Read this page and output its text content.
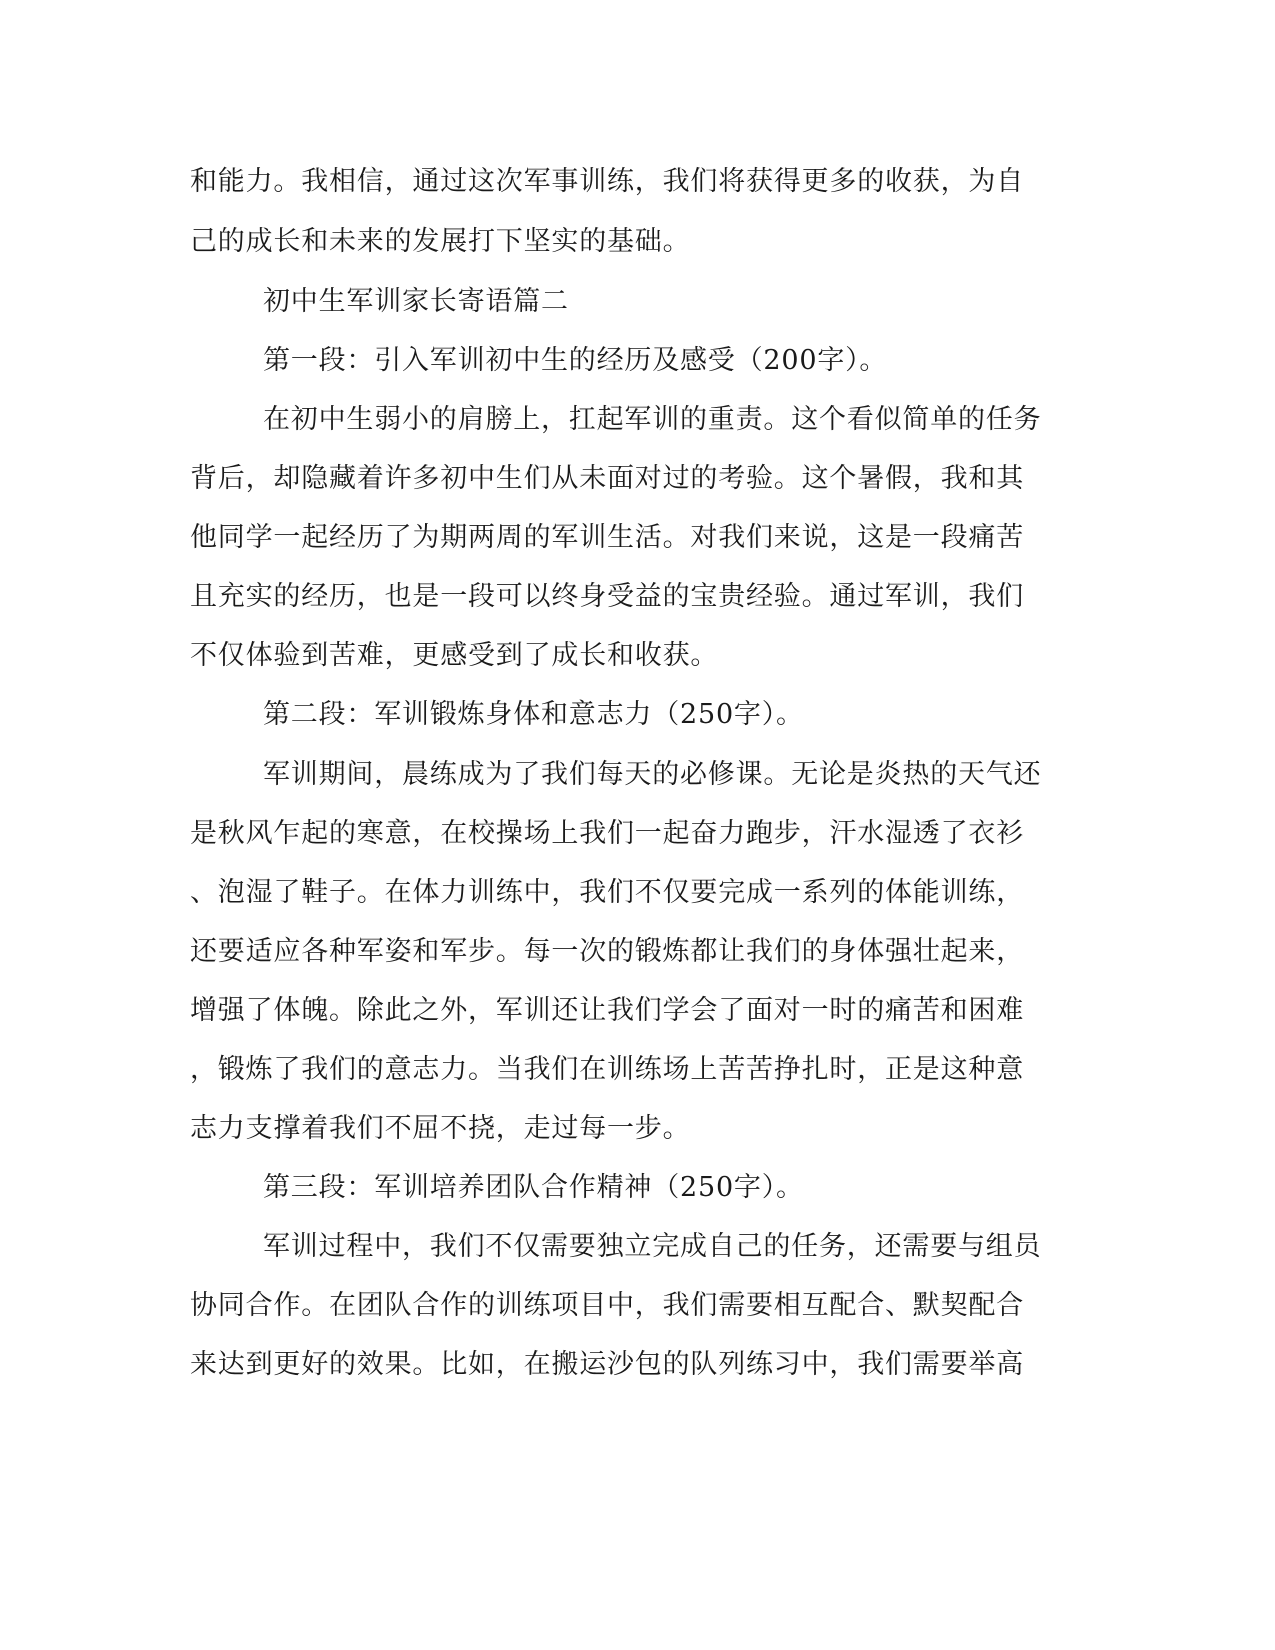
和能力。我相信，通过这次军事训练，我们将获得更多的收获，为自
己的成长和未来的发展打下坚实的基础。
初中生军训家长寄语篇二
第一段：引入军训初中生的经历及感受（200字）。
在初中生弱小的肩膀上，扛起军训的重责。这个看似简单的任务
背后，却隐藏着许多初中生们从未面对过的考验。这个暑假，我和其
他同学一起经历了为期两周的军训生活。对我们来说，这是一段痛苦
且充实的经历，也是一段可以终身受益的宝贵经验。通过军训，我们
不仅体验到苦难，更感受到了成长和收获。
第二段：军训锻炼身体和意志力（250字）。
军训期间，晨练成为了我们每天的必修课。无论是炎热的天气还
是秋风乍起的寒意，在校操场上我们一起奋力跑步，汗水湿透了衣衫
、泡湿了鞋子。在体力训练中，我们不仅要完成一系列的体能训练，
还要适应各种军姿和军步。每一次的锻炼都让我们的身体强壮起来，
增强了体魄。除此之外，军训还让我们学会了面对一时的痛苦和困难
，锻炼了我们的意志力。当我们在训练场上苦苦挣扎时，正是这种意
志力支撑着我们不屈不挠，走过每一步。
第三段：军训培养团队合作精神（250字）。
军训过程中，我们不仅需要独立完成自己的任务，还需要与组员
协同合作。在团队合作的训练项目中，我们需要相互配合、默契配合
来达到更好的效果。比如，在搬运沙包的队列练习中，我们需要举高
